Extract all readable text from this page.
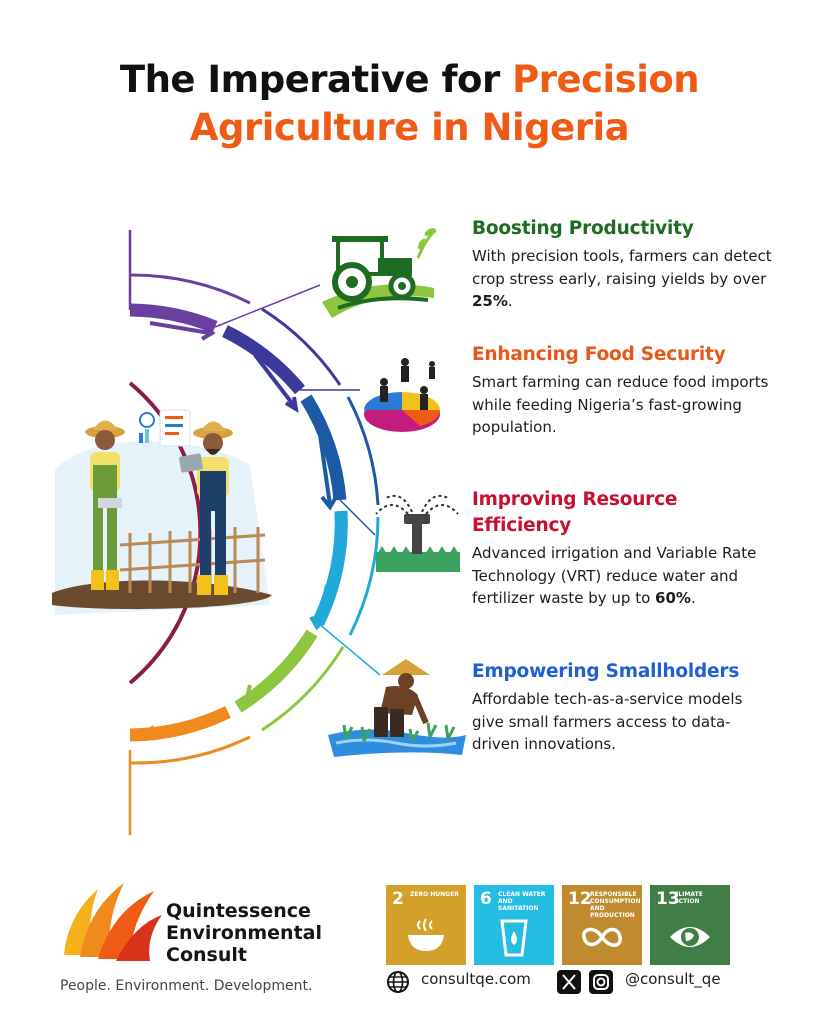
The Imperative for Precision
Agriculture in Nigeria
Boosting Productivity

With precision tools, farmers can detect crop stress early, raising yields by over 25%.

Enhancing Food Security

Smart farming can reduce food imports while feeding Nigeria’s fast-growing population.

Improving Resource
Efficiency

Advanced irrigation and Variable Rate Technology (VRT) reduce water and fertilizer waste by up to 60%.

Empowering Smallholders

Affordable tech-as-a-service models give small farmers access to data-driven innovations.

Quintessence
Environmental
Consult
People. Environment. Development.
2 ZERO HUNGER	6 CLEAN WATER AND SANITATION	12
RESPONSIBLE CONSUMPTION AND PRODUCTION
13
CLIMATE ACTION
consultqe.com	@consult_qe
